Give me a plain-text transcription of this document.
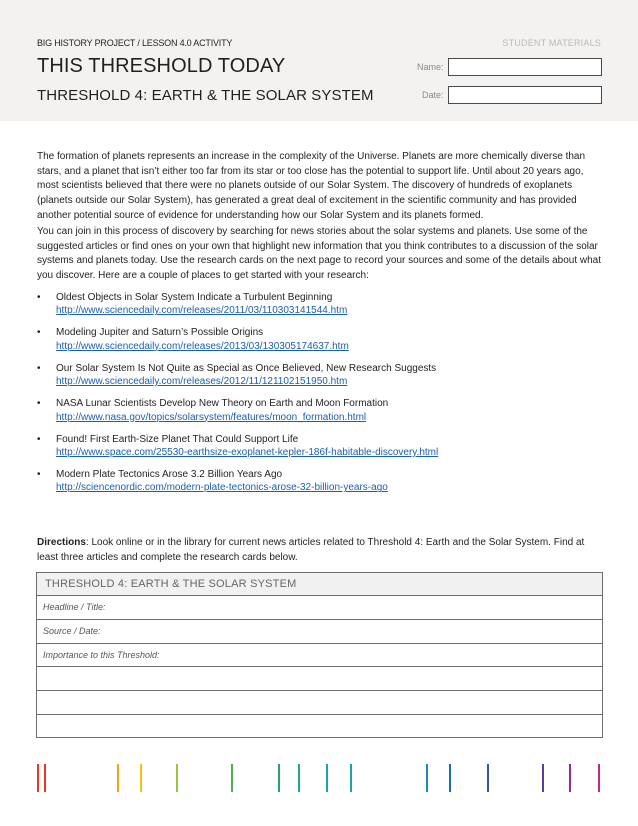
BIG HISTORY PROJECT / LESSON 4.0 ACTIVITY	STUDENT MATERIALS
THIS THRESHOLD TODAY
THRESHOLD 4: EARTH & THE SOLAR SYSTEM
Name:
Date:

The formation of planets represents an increase in the complexity of the Universe. Planets are more chemically diverse than stars, and a planet that isn’t either too far from its star or too close has the potential to support life. Until about 20 years ago, most scientists believed that there were no planets outside of our Solar System. The discovery of hundreds of exoplanets (planets outside our Solar System), has generated a great deal of excitement in the scientific community and has provided another potential source of evidence for understanding how our Solar System and its planets formed.

You can join in this process of discovery by searching for news stories about the solar systems and planets. Use some of the suggested articles or find ones on your own that highlight new information that you think contributes to a discussion of the solar systems and planets today. Use the research cards on the next page to record your sources and some of the details about what you discover. Here are a couple of places to get started with your research:

• Oldest Objects in Solar System Indicate a Turbulent Beginning
http://www.sciencedaily.com/releases/2011/03/110303141544.htm
• Modeling Jupiter and Saturn’s Possible Origins
http://www.sciencedaily.com/releases/2013/03/130305174637.htm
• Our Solar System Is Not Quite as Special as Once Believed, New Research Suggests
http://www.sciencedaily.com/releases/2012/11/121102151950.htm
• NASA Lunar Scientists Develop New Theory on Earth and Moon Formation
http://www.nasa.gov/topics/solarsystem/features/moon_formation.html
• Found! First Earth-Size Planet That Could Support Life
http://www.space.com/25530-earthsize-exoplanet-kepler-186f-habitable-discovery.html
• Modern Plate Tectonics Arose 3.2 Billion Years Ago
http://sciencenordic.com/modern-plate-tectonics-arose-32-billion-years-ago

Directions: Look online or in the library for current news articles related to Threshold 4: Earth and the Solar System. Find at least three articles and complete the research cards below.

THRESHOLD 4: EARTH & THE SOLAR SYSTEM
Headline / Title:
Source / Date:
Importance to this Threshold:
